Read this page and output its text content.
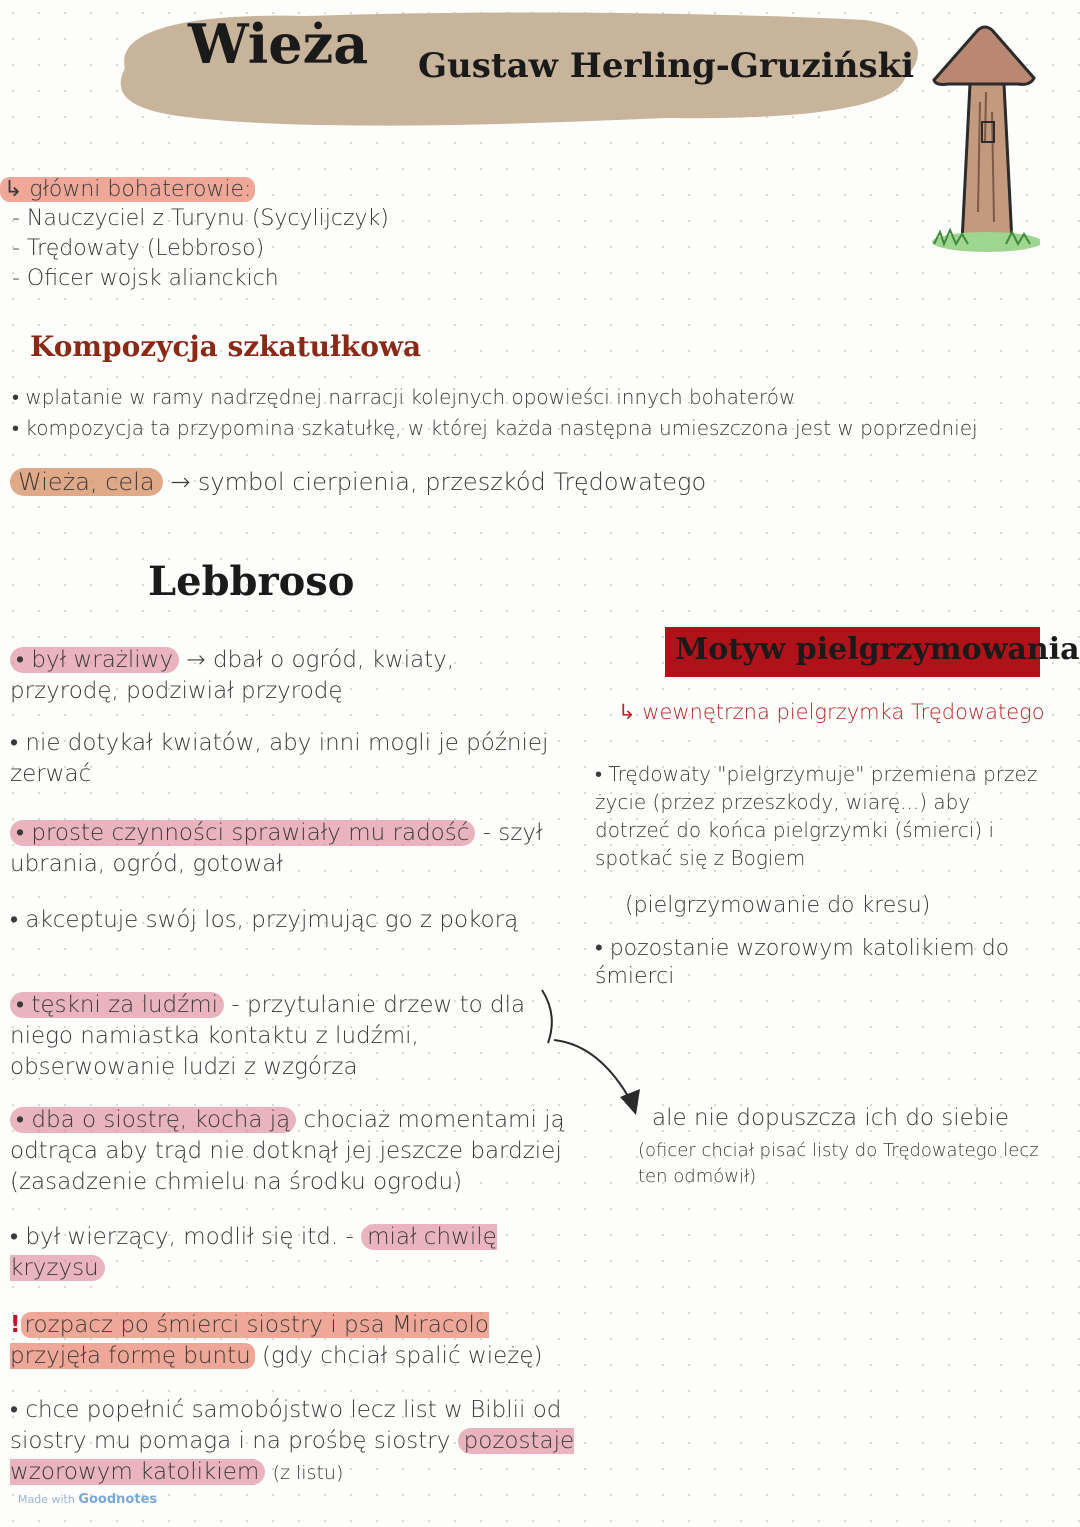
Wieża Gustaw Herling-Gruziński
↳ główni bohaterowie:
- Nauczyciel z Turynu (Sycylijczyk)
- Trędowaty (Lebbroso)
- Oficer wojsk alianckich
Kompozycja szkatułkowa
• wplatanie w ramy nadrzędnej narracji kolejnych opowieści innych bohaterów
• kompozycja ta przypomina szkatułkę, w której każda następna umieszczona jest w poprzedniej
Wieża, cela → symbol cierpienia, przeszkód Trędowatego
Lebbroso
• był wrażliwy → dbał o ogród, kwiaty, przyrodę, podziwiał przyrodę
• nie dotykał kwiatów, aby inni mogli je później zerwać
• proste czynności sprawiały mu radość - szył ubrania, ogród, gotował
• akceptuje swój los, przyjmując go z pokorą
• tęskni za ludźmi - przytulanie drzew to dla niego namiastka kontaktu z ludźmi, obserwowanie ludzi z wzgórza
• dba o siostrę, kocha ją chociaż momentami ją odtrąca aby trąd nie dotknął jej jeszcze bardziej (zasadzenie chmielu na środku ogrodu)
• był wierzący, modlił się itd. - miał chwilę kryzysu
! rozpacz po śmierci siostry i psa Miracolo przyjęła formę buntu (gdy chciał spalić wieżę)
• chce popełnić samobójstwo lecz list w Biblii od siostry mu pomaga i na prośbę siostry pozostaje wzorowym katolikiem (z listu)
Motyw pielgrzymowania
↳ wewnętrzna pielgrzymka Trędowatego
• Trędowaty "pielgrzymuje" przemiena przez życie (przez przeszkody, wiarę...) aby dotrzeć do końca pielgrzymki (śmierci) i spotkać się z Bogiem
(pielgrzymowanie do kresu)
• pozostanie wzorowym katolikiem do śmierci
ale nie dopuszcza ich do siebie
(oficer chciał pisać listy do Trędowatego lecz ten odmówił)
Made with Goodnotes
